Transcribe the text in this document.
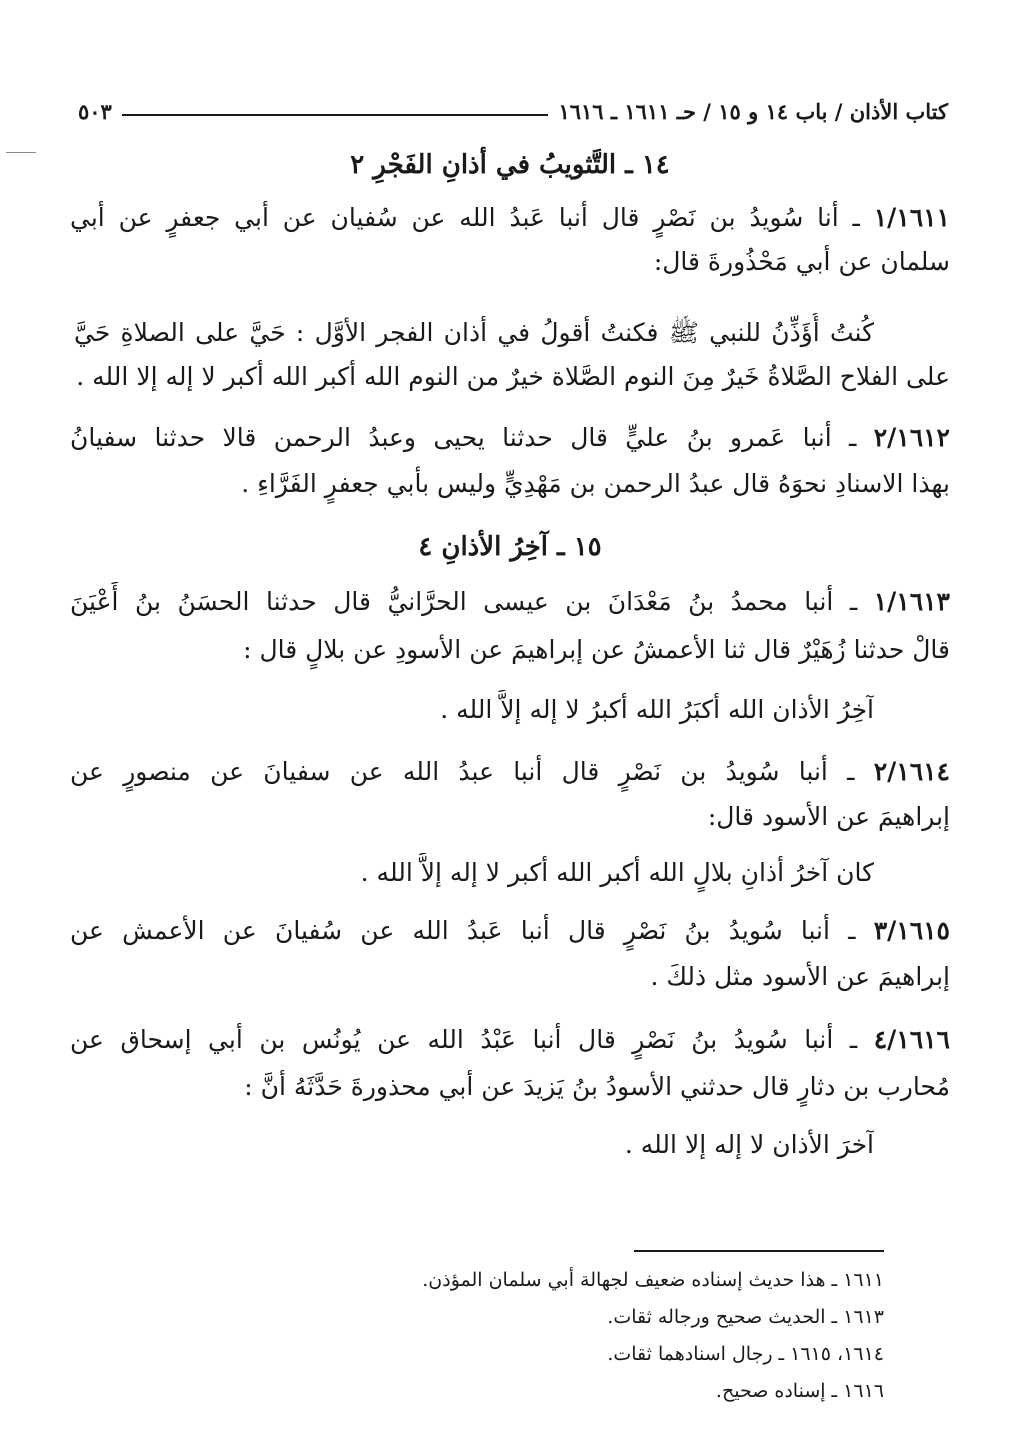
كتاب الأذان / باب ١٤ و ١٥ / حـ ١٦١١ ـ ١٦١٦
٥٠٣
١٤ ـ التَّثويبُ في أذانِ الفَجْرِ ٢
١/١٦١١ ـ أنا سُويدُ بن نَصْرٍ قال أنبا عَبدُ الله عن سُفيان عن أبي جعفرٍ عن أبي
سلمان عن أبي مَحْذُورةَ قال:
كُنتُ أُؤَذِّنُ للنبي ﷺ فكنتُ أقولُ في أذان الفجر الأوَّل : حَيَّ على الصلاةِ حَيَّ
على الفلاح الصَّلاةُ خَيرٌ مِنَ النوم الصَّلاة خيرٌ من النوم الله أكبر الله أكبر لا إله إلا الله .
٢/١٦١٢ ـ أنبا عَمرو بنُ عليٍّ قال حدثنا يحيى وعبدُ الرحمن قالا حدثنا سفيانُ
بهذا الاسنادِ نحوَهُ قال عبدُ الرحمن بن مَهْدِيٍّ وليس بأبي جعفرٍ الفَرَّاءِ .
١٥ ـ آخِرُ الأذانِ ٤
١/١٦١٣ ـ أنبا محمدُ بنُ مَعْدَانَ بن عيسى الحرَّانيُّ قال حدثنا الحسَنُ بنُ أَعْيَنَ
قالْ حدثنا زُهَيْرٌ قال ثنا الأعمشُ عن إبراهيمَ عن الأسودِ عن بلالٍ قال :
آخِرُ الأذان الله أكبَرُ الله أكبرُ لا إله إلاَّ الله .
٢/١٦١٤ ـ أنبا سُويدُ بن نَصْرٍ قال أنبا عبدُ الله عن سفيانَ عن منصورٍ عن
إبراهيمَ عن الأسود قال:
كان آخرُ أذانِ بلالٍ الله أكبر الله أكبر لا إله إلاَّ الله .
٣/١٦١٥ ـ أنبا سُويدُ بنُ نَصْرٍ قال أنبا عَبدُ الله عن سُفيانَ عن الأعمش عن
إبراهيمَ عن الأسود مثل ذلكَ .
٤/١٦١٦ ـ أنبا سُويدُ بنُ نَصْرٍ قال أنبا عَبْدُ الله عن يُونُس بن أبي إسحاق عن
مُحارب بن دثارٍ قال حدثني الأسودُ بنُ يَزيدَ عن أبي محذورةَ حَدَّثَهُ أنَّ :
آخرَ الأذان لا إله إلا الله .
١٦١١ ـ هذا حديث إسناده ضعيف لجهالة أبي سلمان المؤذن.
١٦١٣ ـ الحديث صحيح ورجاله ثقات.
١٦١٤، ١٦١٥ ـ رجال اسنادهما ثقات.
١٦١٦ ـ إسناده صحيح.
